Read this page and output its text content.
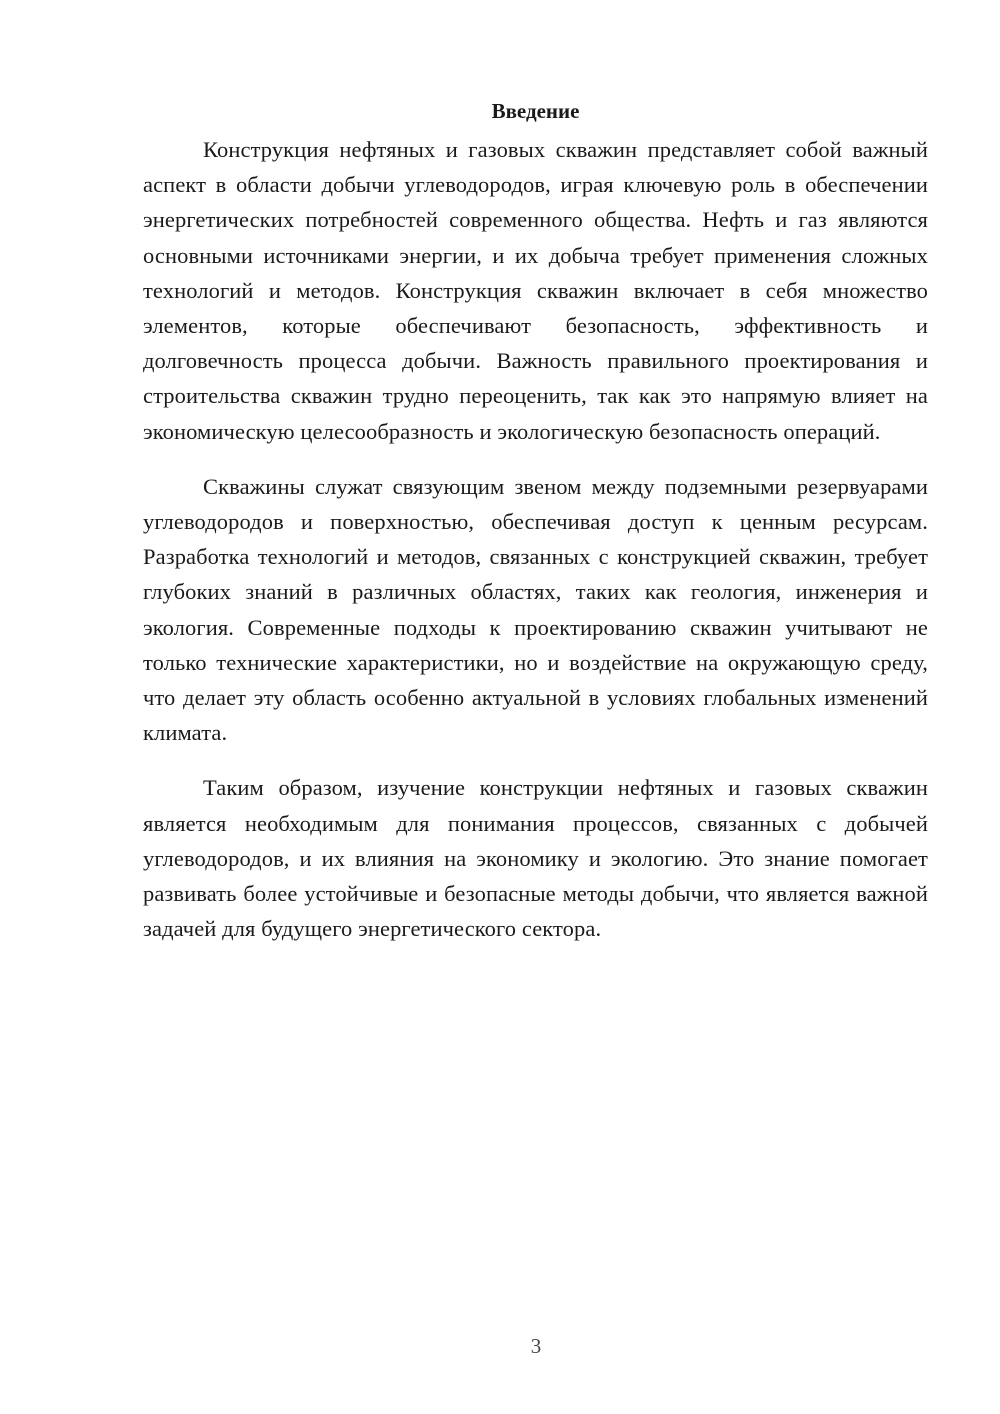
Введение

Конструкция нефтяных и газовых скважин представляет собой важный аспект в области добычи углеводородов, играя ключевую роль в обеспечении энергетических потребностей современного общества. Нефть и газ являются основными источниками энергии, и их добыча требует применения сложных технологий и методов. Конструкция скважин включает в себя множество элементов, которые обеспечивают безопасность, эффективность и долговечность процесса добычи. Важность правильного проектирования и строительства скважин трудно переоценить, так как это напрямую влияет на экономическую целесообразность и экологическую безопасность операций.

Скважины служат связующим звеном между подземными резервуарами углеводородов и поверхностью, обеспечивая доступ к ценным ресурсам. Разработка технологий и методов, связанных с конструкцией скважин, требует глубоких знаний в различных областях, таких как геология, инженерия и экология. Современные подходы к проектированию скважин учитывают не только технические характеристики, но и воздействие на окружающую среду, что делает эту область особенно актуальной в условиях глобальных изменений климата.

Таким образом, изучение конструкции нефтяных и газовых скважин является необходимым для понимания процессов, связанных с добычей углеводородов, и их влияния на экономику и экологию. Это знание помогает развивать более устойчивые и безопасные методы добычи, что является важной задачей для будущего энергетического сектора.

3
